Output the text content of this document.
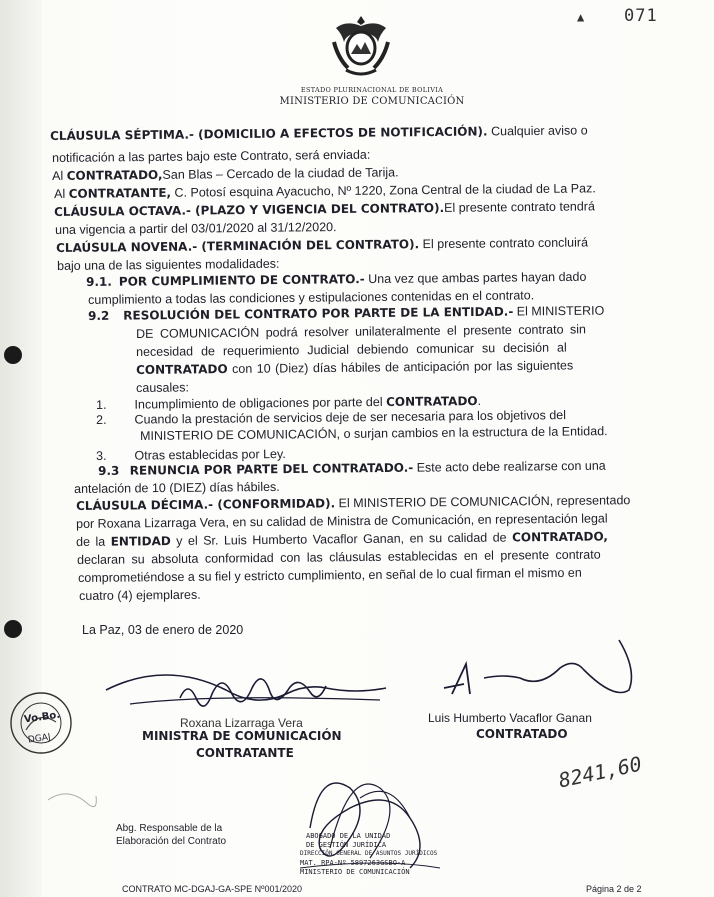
▲ 071
ESTADO PLURINACIONAL DE BOLIVIA
MINISTERIO DE COMUNICACIÓN
CLÁUSULA SÉPTIMA.- (DOMICILIO A EFECTOS DE NOTIFICACIÓN). Cualquier aviso o
notificación a las partes bajo este Contrato, será enviada:
Al CONTRATADO,San Blas – Cercado de la ciudad de Tarija.
Al CONTRATANTE, C. Potosí esquina Ayacucho, Nº 1220, Zona Central de la ciudad de La Paz.
CLÁUSULA OCTAVA.- (PLAZO Y VIGENCIA DEL CONTRATO).El presente contrato tendrá
una vigencia a partir del 03/01/2020 al 31/12/2020.
CLAÚSULA NOVENA.- (TERMINACIÓN DEL CONTRATO). El presente contrato concluirá
bajo una de las siguientes modalidades:
9.1. POR CUMPLIMIENTO DE CONTRATO.- Una vez que ambas partes hayan dado
cumplimiento a todas las condiciones y estipulaciones contenidas en el contrato.
9.2 RESOLUCIÓN DEL CONTRATO POR PARTE DE LA ENTIDAD.- El MINISTERIO
DE COMUNICACIÓN podrá resolver unilateralmente el presente contrato sin
necesidad de requerimiento Judicial debiendo comunicar su decisión al
CONTRATADO con 10 (Diez) días hábiles de anticipación por las siguientes
causales:
1. Incumplimiento de obligaciones por parte del CONTRATADO.
2. Cuando la prestación de servicios deje de ser necesaria para los objetivos del
MINISTERIO DE COMUNICACIÓN, o surjan cambios en la estructura de la Entidad.
3. Otras establecidas por Ley.
9.3 RENUNCIA POR PARTE DEL CONTRATADO.- Este acto debe realizarse con una
antelación de 10 (DIEZ) días hábiles.
CLÁUSULA DÉCIMA.- (CONFORMIDAD). El MINISTERIO DE COMUNICACIÓN, representado
por Roxana Lizarraga Vera, en su calidad de Ministra de Comunicación, en representación legal
de la ENTIDAD y el Sr. Luis Humberto Vacaflor Ganan, en su calidad de CONTRATADO,
declaran su absoluta conformidad con las cláusulas establecidas en el presente contrato
comprometiéndose a su fiel y estricto cumplimiento, en señal de lo cual firman el mismo en
cuatro (4) ejemplares.
La Paz, 03 de enero de 2020
Roxana Lizarraga Vera
MINISTRA DE COMUNICACIÓN
CONTRATANTE
Luis Humberto Vacaflor Ganan
CONTRATADO
8241,60
Vo.Bo.
DGAJ
Abg. Responsable de la
Elaboración del Contrato	ABOGADO DE LA UNIDAD
DE GESTIÓN JURÍDICA
DIRECCIÓN GENERAL DE ASUNTOS JURÍDICOS
MAT. RPA-Nº 5897263GSBO-A
MINISTERIO DE COMUNICACIÓN
CONTRATO MC-DGAJ-GA-SPE Nº001/2020	Página 2 de 2
